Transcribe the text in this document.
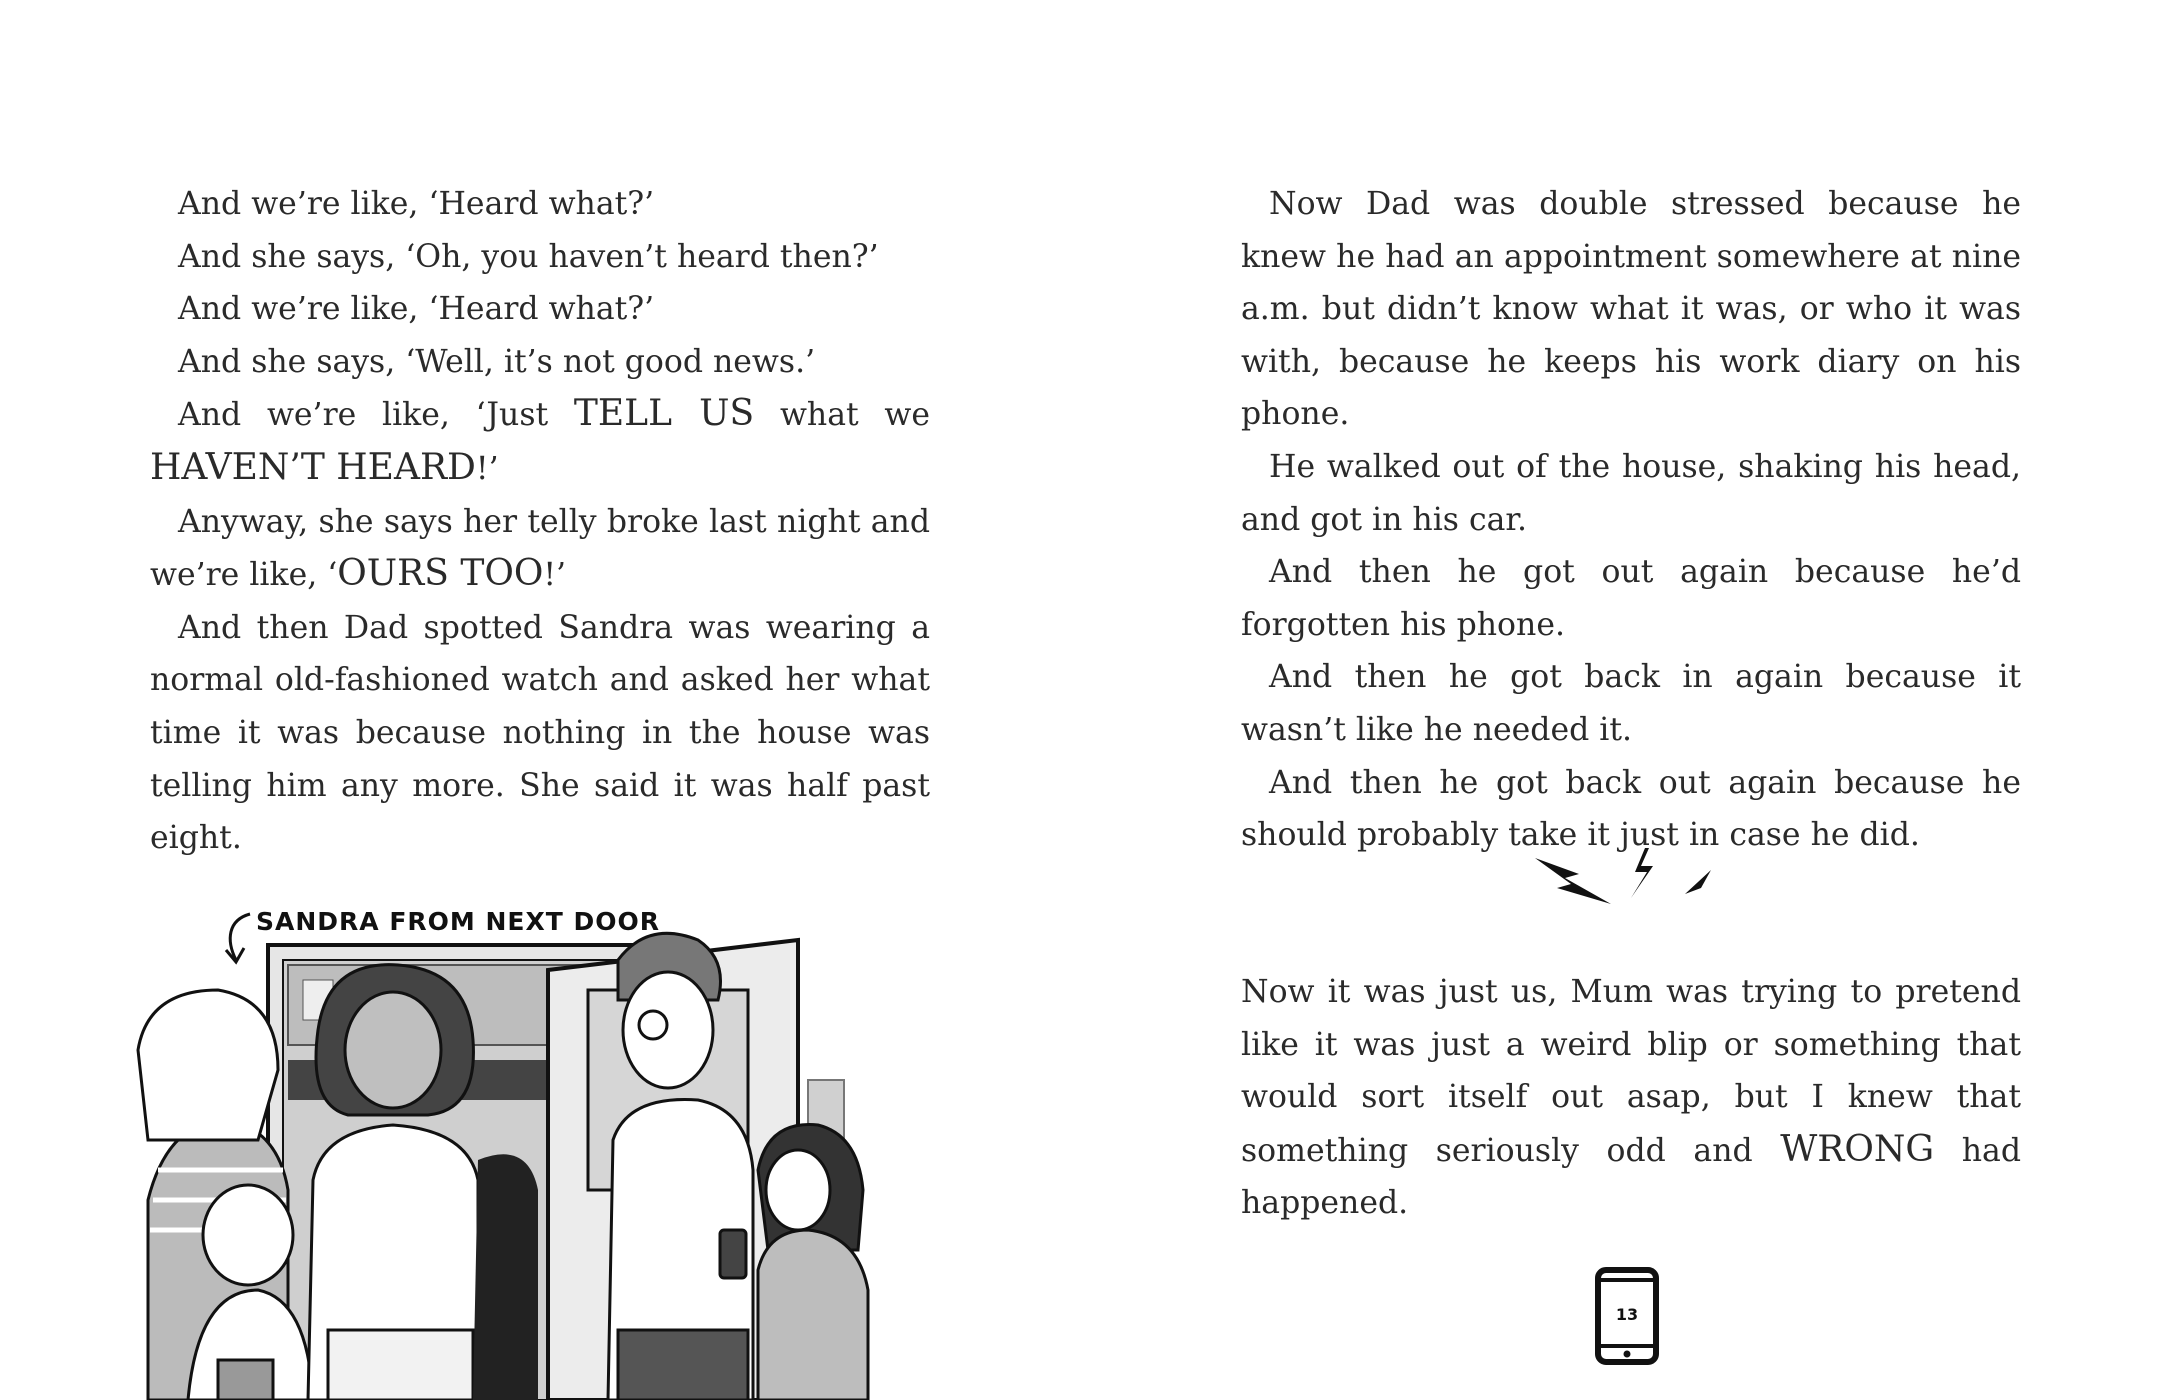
And we’re like, ‘Heard what?’

And she says, ‘Oh, you haven’t heard then?’

And we’re like, ‘Heard what?’

And she says, ‘Well, it’s not good news.’

And we’re like, ‘Just TELL US what we HAVEN’T HEARD!’

Anyway, she says her telly broke last night and we’re like, ‘OURS TOO!’

And then Dad spotted Sandra was wearing a normal old-fashioned watch and asked her what time it was because nothing in the house was telling him any more. She said it was half past eight.

SANDRA FROM NEXT DOOR

Now Dad was double stressed because he knew he had an appointment somewhere at nine a.m. but didn’t know what it was, or who it was with, because he keeps his work diary on his phone.

He walked out of the house, shaking his head, and got in his car.

And then he got out again because he’d forgotten his phone.

And then he got back in again because it wasn’t like he needed it.

And then he got back out again because he should probably take it just in case he did.

Now it was just us, Mum was trying to pretend like it was just a weird blip or something that would sort itself out asap, but I knew that something seriously odd and WRONG had happened.
13
